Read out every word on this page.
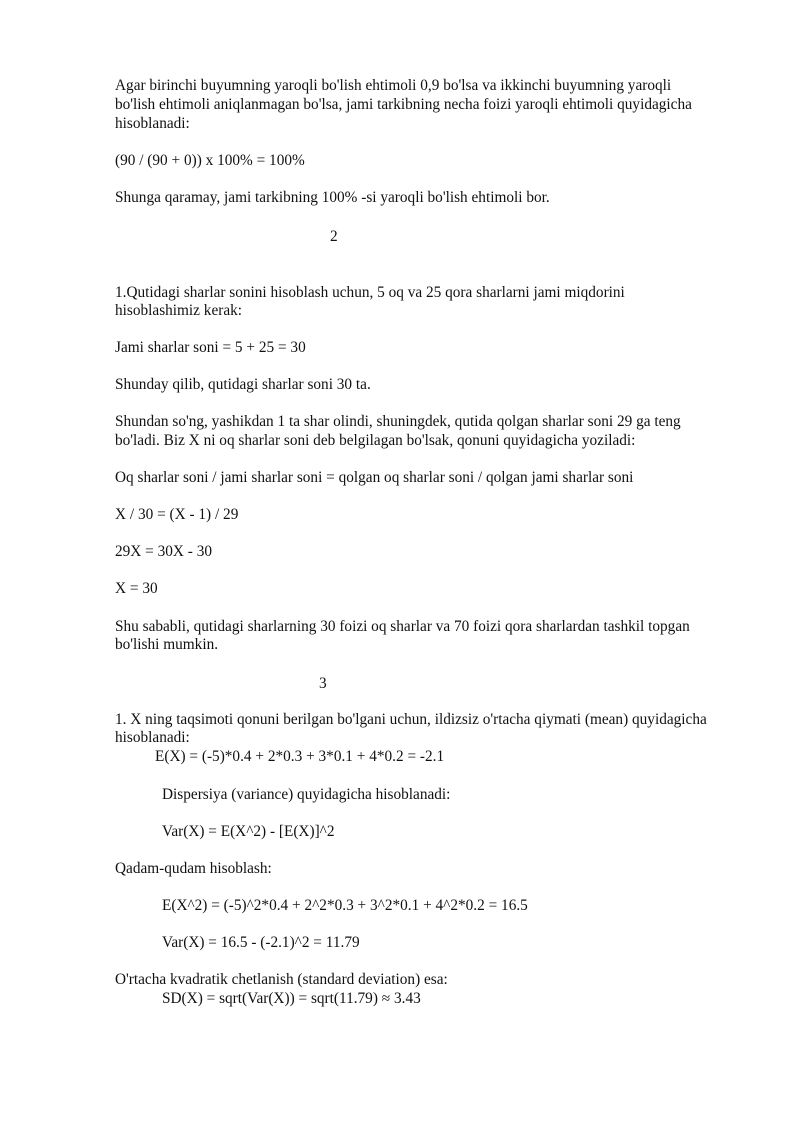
Agar birinchi buyumning yaroqli bo'lish ehtimoli 0,9 bo'lsa va ikkinchi buyumning yaroqli
bo'lish ehtimoli aniqlanmagan bo'lsa, jami tarkibning necha foizi yaroqli ehtimoli quyidagicha
hisoblanadi:
(90 / (90 + 0)) x 100% = 100%
Shunga qaramay, jami tarkibning 100% -si yaroqli bo'lish ehtimoli bor.
2
1.Qutidagi sharlar sonini hisoblash uchun, 5 oq va 25 qora sharlarni jami miqdorini
hisoblashimiz kerak:
Jami sharlar soni = 5 + 25 = 30
Shunday qilib, qutidagi sharlar soni 30 ta.
Shundan so'ng, yashikdan 1 ta shar olindi, shuningdek, qutida qolgan sharlar soni 29 ga teng
bo'ladi. Biz X ni oq sharlar soni deb belgilagan bo'lsak, qonuni quyidagicha yoziladi:
Oq sharlar soni / jami sharlar soni = qolgan oq sharlar soni / qolgan jami sharlar soni
X / 30 = (X - 1) / 29
29X = 30X - 30
X = 30
Shu sababli, qutidagi sharlarning 30 foizi oq sharlar va 70 foizi qora sharlardan tashkil topgan
bo'lishi mumkin.
3
1. X ning taqsimoti qonuni berilgan bo'lgani uchun, ildizsiz o'rtacha qiymati (mean) quyidagicha
hisoblanadi:
E(X) = (-5)*0.4 + 2*0.3 + 3*0.1 + 4*0.2 = -2.1
Dispersiya (variance) quyidagicha hisoblanadi:
Var(X) = E(X^2) - [E(X)]^2
Qadam-qudam hisoblash:
E(X^2) = (-5)^2*0.4 + 2^2*0.3 + 3^2*0.1 + 4^2*0.2 = 16.5
Var(X) = 16.5 - (-2.1)^2 = 11.79
O'rtacha kvadratik chetlanish (standard deviation) esa:
SD(X) = sqrt(Var(X)) = sqrt(11.79) ≈ 3.43
